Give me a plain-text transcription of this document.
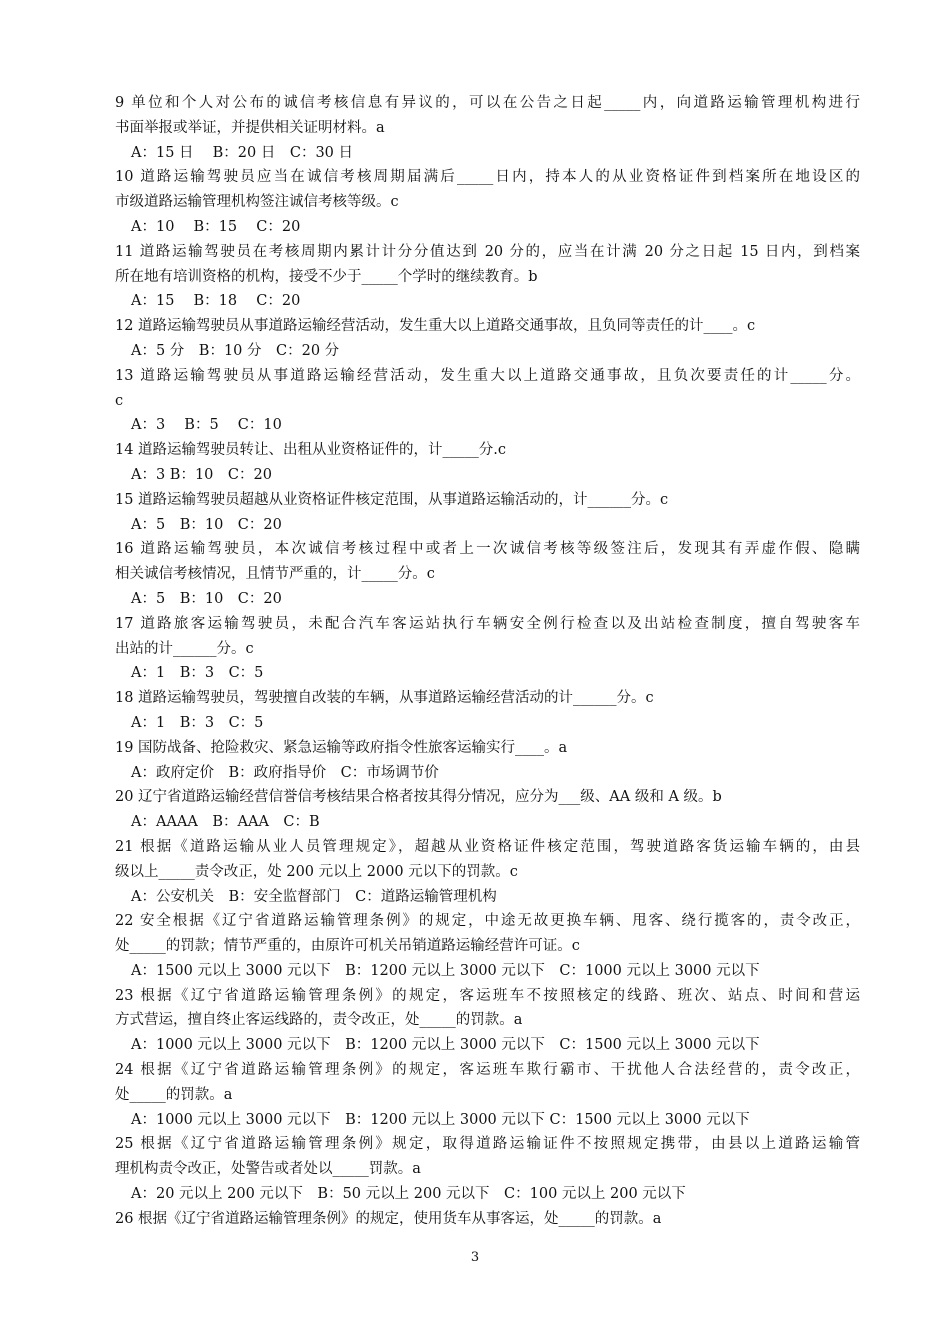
9 单位和个人对公布的诚信考核信息有异议的，可以在公告之日起_____内，向道路运输管理机构进行
书面举报或举证，并提供相关证明材料。a
A：15 日　 B：20 日　C：30 日
10 道路运输驾驶员应当在诚信考核周期届满后_____日内，持本人的从业资格证件到档案所在地设区的
市级道路运输管理机构签注诚信考核等级。c
A：10　 B：15　 C：20
11 道路运输驾驶员在考核周期内累计计分分值达到 20 分的，应当在计满 20 分之日起 15 日内，到档案
所在地有培训资格的机构，接受不少于_____个学时的继续教育。b
A：15　 B：18　 C：20
12 道路运输驾驶员从事道路运输经营活动，发生重大以上道路交通事故，且负同等责任的计____。c
A：5 分　B：10 分　C：20 分
13 道路运输驾驶员从事道路运输经营活动，发生重大以上道路交通事故，且负次要责任的计_____分。
c
A：3　 B：5　 C：10
14 道路运输驾驶员转让、出租从业资格证件的，计_____分.c
A：3 B：10　C：20
15 道路运输驾驶员超越从业资格证件核定范围，从事道路运输活动的，计______分。c
A：5　B：10　C：20
16 道路运输驾驶员，本次诚信考核过程中或者上一次诚信考核等级签注后，发现其有弄虚作假、隐瞒
相关诚信考核情况，且情节严重的，计_____分。c
A：5　B：10　C：20
17 道路旅客运输驾驶员，未配合汽车客运站执行车辆安全例行检查以及出站检查制度，擅自驾驶客车
出站的计______分。c
A：1　B：3　C：5
18 道路运输驾驶员，驾驶擅自改装的车辆，从事道路运输经营活动的计______分。c
A：1　B：3　C：5
19 国防战备、抢险救灾、紧急运输等政府指令性旅客运输实行____。a
A：政府定价　B：政府指导价　C：市场调节价
20 辽宁省道路运输经营信誉信考核结果合格者按其得分情况，应分为___级、AA 级和 A 级。b
A：AAAA　B：AAA　C：B
21 根据《道路运输从业人员管理规定》，超越从业资格证件核定范围，驾驶道路客货运输车辆的，由县
级以上_____责令改正，处 200 元以上 2000 元以下的罚款。c
A：公安机关　B：安全监督部门　C：道路运输管理机构
22 安全根据《辽宁省道路运输管理条例》的规定，中途无故更换车辆、甩客、绕行揽客的，责令改正，
处_____的罚款；情节严重的，由原许可机关吊销道路运输经营许可证。c
A：1500 元以上 3000 元以下　B：1200 元以上 3000 元以下　C：1000 元以上 3000 元以下
23 根据《辽宁省道路运输管理条例》的规定，客运班车不按照核定的线路、班次、站点、时间和营运
方式营运，擅自终止客运线路的，责令改正，处_____的罚款。a
A：1000 元以上 3000 元以下　B：1200 元以上 3000 元以下　C：1500 元以上 3000 元以下
24 根据《辽宁省道路运输管理条例》的规定，客运班车欺行霸市、干扰他人合法经营的，责令改正，
处_____的罚款。a
A：1000 元以上 3000 元以下　B：1200 元以上 3000 元以下 C：1500 元以上 3000 元以下
25 根据《辽宁省道路运输管理条例》规定，取得道路运输证件不按照规定携带，由县以上道路运输管
理机构责令改正，处警告或者处以_____罚款。a
A：20 元以上 200 元以下　B：50 元以上 200 元以下　C：100 元以上 200 元以下
26 根据《辽宁省道路运输管理条例》的规定，使用货车从事客运，处_____的罚款。a
3
